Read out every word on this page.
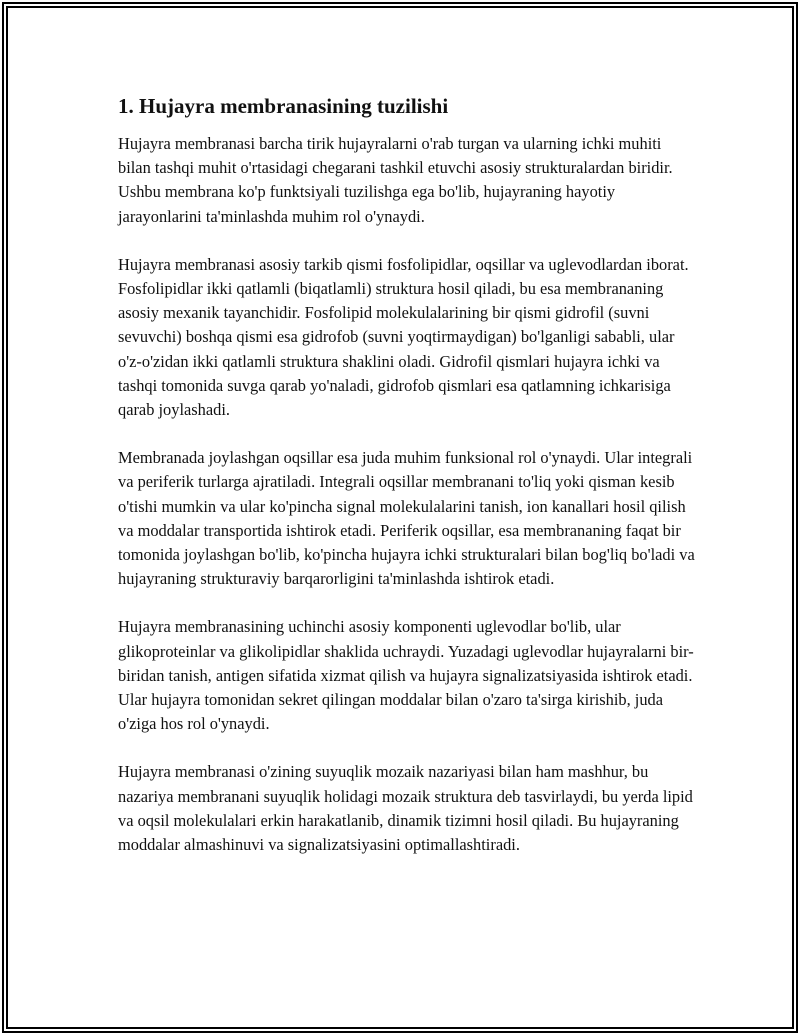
1. Hujayra membranasining tuzilishi

Hujayra membranasi barcha tirik hujayralarni o'rab turgan va ularning ichki muhiti bilan tashqi muhit o'rtasidagi chegarani tashkil etuvchi asosiy strukturalardan biridir. Ushbu membrana ko'p funktsiyali tuzilishga ega bo'lib, hujayraning hayotiy jarayonlarini ta'minlashda muhim rol o'ynaydi.

Hujayra membranasi asosiy tarkib qismi fosfolipidlar, oqsillar va uglevodlardan iborat. Fosfolipidlar ikki qatlamli (biqatlamli) struktura hosil qiladi, bu esa membrananing asosiy mexanik tayanchidir. Fosfolipid molekulalarining bir qismi gidrofil (suvni sevuvchi) boshqa qismi esa gidrofob (suvni yoqtirmaydigan) bo'lganligi sababli, ular o'z-o'zidan ikki qatlamli struktura shaklini oladi. Gidrofil qismlari hujayra ichki va tashqi tomonida suvga qarab yo'naladi, gidrofob qismlari esa qatlamning ichkarisiga qarab joylashadi.

Membranada joylashgan oqsillar esa juda muhim funksional rol o'ynaydi. Ular integrali va periferik turlarga ajratiladi. Integrali oqsillar membranani to'liq yoki qisman kesib o'tishi mumkin va ular ko'pincha signal molekulalarini tanish, ion kanallari hosil qilish va moddalar transportida ishtirok etadi. Periferik oqsillar, esa membrananing faqat bir tomonida joylashgan bo'lib, ko'pincha hujayra ichki strukturalari bilan bog'liq bo'ladi va hujayraning strukturaviy barqarorligini ta'minlashda ishtirok etadi.

Hujayra membranasining uchinchi asosiy komponenti uglevodlar bo'lib, ular glikoproteinlar va glikolipidlar shaklida uchraydi. Yuzadagi uglevodlar hujayralarni bir-biridan tanish, antigen sifatida xizmat qilish va hujayra signalizatsiyasida ishtirok etadi. Ular hujayra tomonidan sekret qilingan moddalar bilan o'zaro ta'sirga kirishib, juda o'ziga hos rol o'ynaydi.

Hujayra membranasi o'zining suyuqlik mozaik nazariyasi bilan ham mashhur, bu nazariya membranani suyuqlik holidagi mozaik struktura deb tasvirlaydi, bu yerda lipid va oqsil molekulalari erkin harakatlanib, dinamik tizimni hosil qiladi. Bu hujayraning moddalar almashinuvi va signalizatsiyasini optimallashtiradi.
